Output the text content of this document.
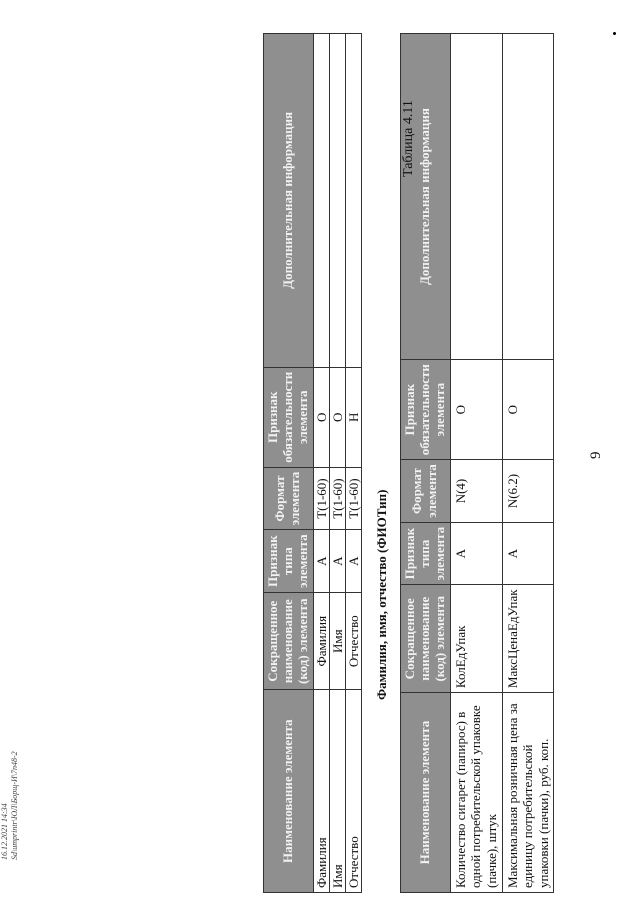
9
Наименование элемента	Сокращенное наименование (код) элемента	Признак типа элемента	Формат элемента	Признак обязательности элемента	Дополнительная информация
Количество сигарет (папирос) в одной потребительской упаковке (пачке), штук	КолЕдУпак	А	N(4)	О	
Максимальная розничная цена за единицу потребительской упаковки (пачки), руб. коп.	МаксЦенаЕдУпак	А	N(6.2)	О	
Таблица 4.11
Фамилия, имя, отчество (ФИОТип)
Наименование элемента	Сокращенное наименование (код) элемента	Признак типа элемента	Формат элемента	Признак обязательности элемента	Дополнительная информация
Фамилия	Фамилия	А	T(1-60)	О	
Имя	Имя	А	T(1-60)	О	
Отчество	Отчество	А	T(1-60)	Н	
16.12.2021 14:34 Sd\umprintr\ЮЛ\Борщ-И\7п48-2
